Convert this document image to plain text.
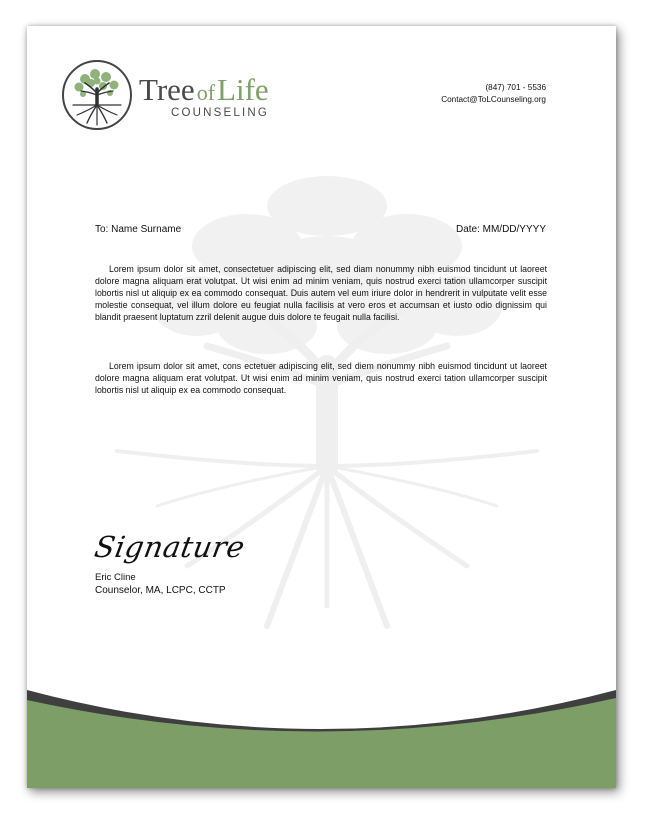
TreeofLife
COUNSELING
(847) 701 - 5536
Contact@ToLCounseling.org
To: Name Surname	Date: MM/DD/YYYY

Lorem ipsum dolor sit amet, consectetuer adipiscing elit, sed diam nonummy nibh euismod tincidunt ut laoreet dolore magna aliquam erat volutpat. Ut wisi enim ad minim veniam, quis nostrud exerci tation ullamcorper suscipit lobortis nisl ut aliquip ex ea commodo consequat. Duis autem vel eum iriure dolor in hendrerit in vulputate velit esse molestie consequat, vel illum dolore eu feugiat nulla facilisis at vero eros et accumsan et iusto odio dignissim qui blandit praesent luptatum zzril delenit augue duis dolore te feugait nulla facilisi.

Lorem ipsum dolor sit amet, cons ectetuer adipiscing elit, sed diem nonummy nibh euismod tincidunt ut laoreet dolore magna aliquam erat volutpat. Ut wisi enim ad minim veniam, quis nostrud exerci tation ullamcorper suscipit lobortis nisl ut aliquip ex ea commodo consequat.

Signature
Eric Cline
Counselor, MA, LCPC, CCTP
